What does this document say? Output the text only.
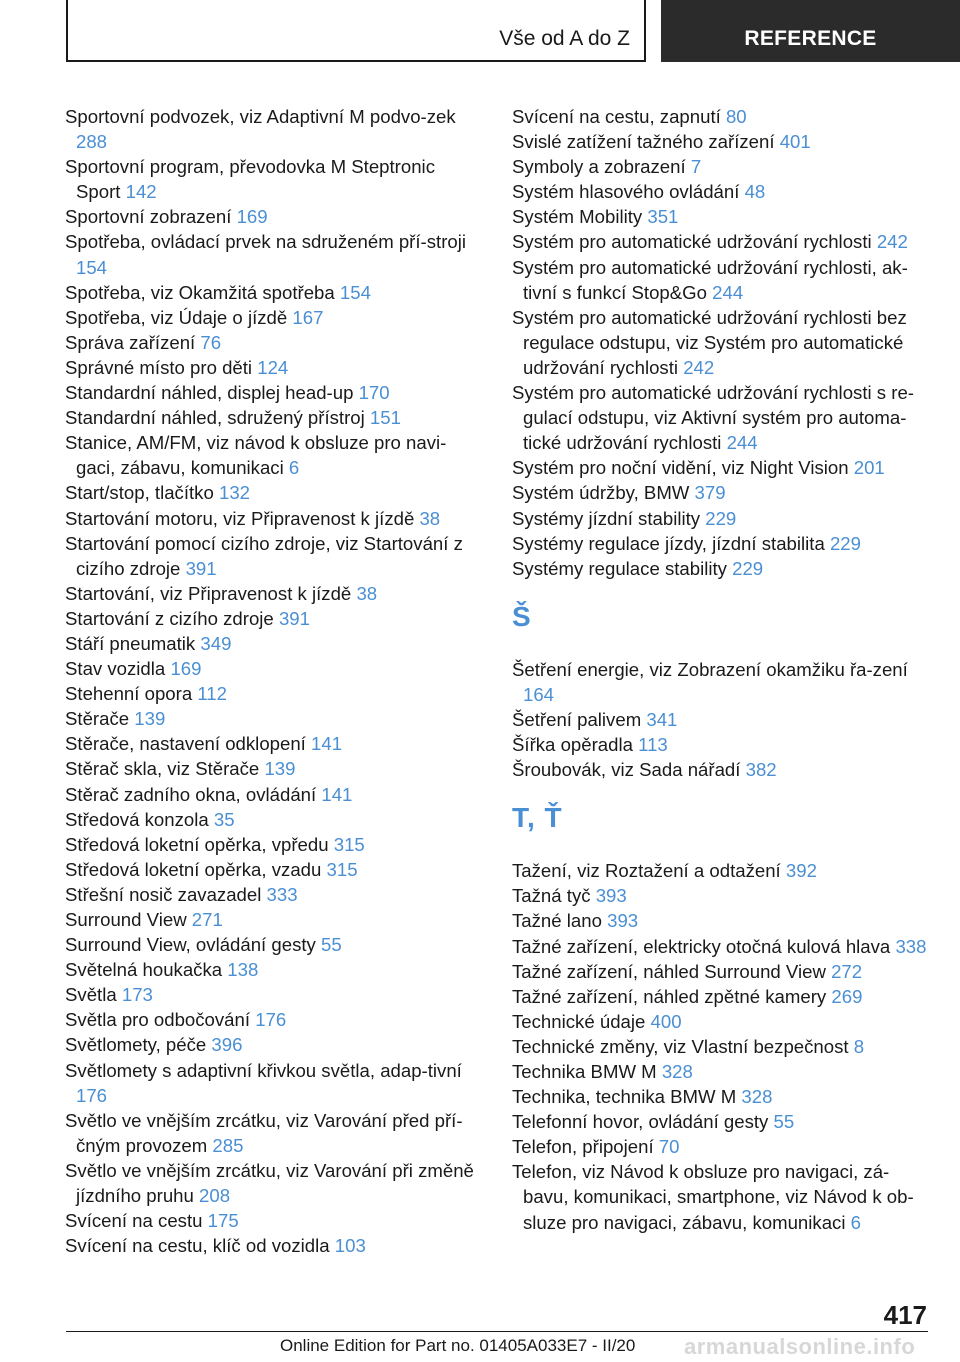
Vše od A do Z	REFERENCE
Sportovní podvozek, viz Adaptivní M podvo-zek 288
Sportovní program, převodovka M Steptronic Sport 142
Sportovní zobrazení 169
Spotřeba, ovládací prvek na sdruženém pří-stroji 154
Spotřeba, viz Okamžitá spotřeba 154
Spotřeba, viz Údaje o jízdě 167
Správa zařízení 76
Správné místo pro děti 124
Standardní náhled, displej head-up 170
Standardní náhled, sdružený přístroj 151
Stanice, AM/FM, viz návod k obsluze pro navi-gaci, zábavu, komunikaci 6
Start/stop, tlačítko 132
Startování motoru, viz Připravenost k jízdě 38
Startování pomocí cizího zdroje, viz Startování z cizího zdroje 391
Startování, viz Připravenost k jízdě 38
Startování z cizího zdroje 391
Stáří pneumatik 349
Stav vozidla 169
Stehenní opora 112
Stěrače 139
Stěrače, nastavení odklopení 141
Stěrač skla, viz Stěrače 139
Stěrač zadního okna, ovládání 141
Středová konzola 35
Středová loketní opěrka, vpředu 315
Středová loketní opěrka, vzadu 315
Střešní nosič zavazadel 333
Surround View 271
Surround View, ovládání gesty 55
Světelná houkačka 138
Světla 173
Světla pro odbočování 176
Světlomety, péče 396
Světlomety s adaptivní křivkou světla, adap-tivní 176
Světlo ve vnějším zrcátku, viz Varování před pří-čným provozem 285
Světlo ve vnějším zrcátku, viz Varování při změně jízdního pruhu 208
Svícení na cestu 175
Svícení na cestu, klíč od vozidla 103
Svícení na cestu, zapnutí 80
Svislé zatížení tažného zařízení 401
Symboly a zobrazení 7
Systém hlasového ovládání 48
Systém Mobility 351
Systém pro automatické udržování rychlosti 242
Systém pro automatické udržování rychlosti, ak-tivní s funkcí Stop&Go 244
Systém pro automatické udržování rychlosti bez regulace odstupu, viz Systém pro automatické udržování rychlosti 242
Systém pro automatické udržování rychlosti s re-gulací odstupu, viz Aktivní systém pro automa-tické udržování rychlosti 244
Systém pro noční vidění, viz Night Vision 201
Systém údržby, BMW 379
Systémy jízdní stability 229
Systémy regulace jízdy, jízdní stabilita 229
Systémy regulace stability 229
Š
Šetření energie, viz Zobrazení okamžiku řa-zení 164
Šetření palivem 341
Šířka opěradla 113
Šroubovák, viz Sada nářadí 382
T, Ť
Tažení, viz Roztažení a odtažení 392
Tažná tyč 393
Tažné lano 393
Tažné zařízení, elektricky otočná kulová hlava 338
Tažné zařízení, náhled Surround View 272
Tažné zařízení, náhled zpětné kamery 269
Technické údaje 400
Technické změny, viz Vlastní bezpečnost 8
Technika BMW M 328
Technika, technika BMW M 328
Telefonní hovor, ovládání gesty 55
Telefon, připojení 70
Telefon, viz Návod k obsluze pro navigaci, zá-bavu, komunikaci, smartphone, viz Návod k ob-sluze pro navigaci, zábavu, komunikaci 6
417
Online Edition for Part no. 01405A033E7 - II/20 armanualsonline.info
